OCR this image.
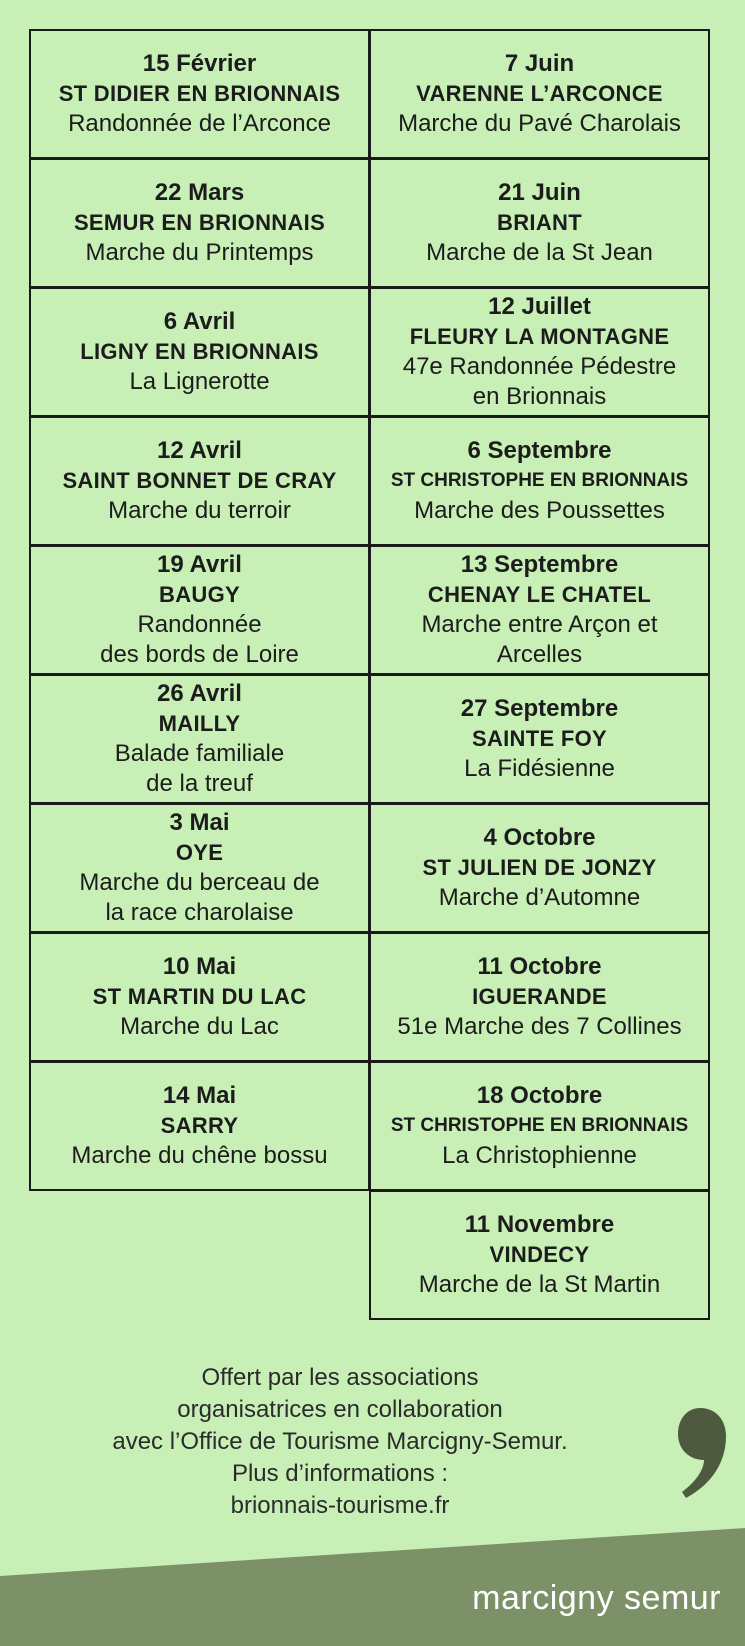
15 Février
ST DIDIER EN BRIONNAIS
Randonnée de l’Arconce
7 Juin
VARENNE L’ARCONCE
Marche du Pavé Charolais
22 Mars
SEMUR EN BRIONNAIS
Marche du Printemps
21 Juin
BRIANT
Marche de la St Jean
6 Avril
LIGNY EN BRIONNAIS
La Lignerotte
12 Juillet
FLEURY LA MONTAGNE
47e Randonnée Pédestre
en Brionnais
12 Avril
SAINT BONNET DE CRAY
Marche du terroir
6 Septembre
ST CHRISTOPHE EN BRIONNAIS
Marche des Poussettes
19 Avril
BAUGY
Randonnée
des bords de Loire
13 Septembre
CHENAY LE CHATEL
Marche entre Arçon et
Arcelles
26 Avril
MAILLY
Balade familiale
de la treuf
27 Septembre
SAINTE FOY
La Fidésienne
3 Mai
OYE
Marche du berceau de
la race charolaise
4 Octobre
ST JULIEN DE JONZY
Marche d’Automne
10 Mai
ST MARTIN DU LAC
Marche du Lac
11 Octobre
IGUERANDE
51e Marche des 7 Collines
14 Mai
SARRY
Marche du chêne bossu
18 Octobre
ST CHRISTOPHE EN BRIONNAIS
La Christophienne
11 Novembre
VINDECY
Marche de la St Martin
Offert par les associations
organisatrices en collaboration
avec l’Office de Tourisme Marcigny-Semur.
Plus d’informations :
brionnais-tourisme.fr
marcigny semur
